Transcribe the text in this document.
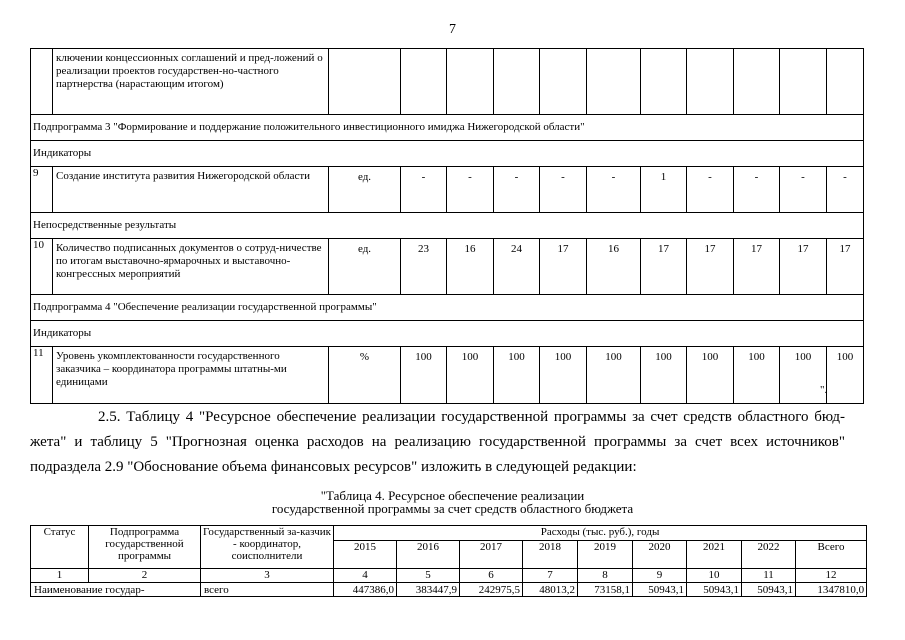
7
	ключении концессионных соглашений и пред-ложений о реализации проектов государствен-но-частного партнерства (нарастающим итогом)											
Подпрограмма 3 "Формирование и поддержание положительного инвестиционного имиджа Нижегородской области"												
Индикаторы												
9	Создание института развития Нижегородской области	ед.	-	-	-	-	-	1	-	-	-	-
Непосредственные результаты												
10	Количество подписанных документов о сотруд-ничестве по итогам выставочно-ярмарочных и выставочно-конгрессных мероприятий	ед.	23	16	24	17	16	17	17	17	17	17
Подпрограмма 4 "Обеспечение реализации государственной программы"												
Индикаторы												
11	Уровень укомплектованности государственного заказчика – координатора программы штатны-ми единицами	%	100	100	100	100	100	100	100	100	100	100
".
2.5. Таблицу 4 "Ресурсное обеспечение реализации государственной программы за счет средств областного бюд-
жета" и таблицу 5 "Прогнозная оценка расходов на реализацию государственной программы за счет всех источников"
подраздела 2.9 "Обоснование объема финансовых ресурсов" изложить в следующей редакции:
"Таблица 4. Ресурсное обеспечение реализации
государственной программы за счет средств областного бюджета
Статус	Подпрограмма государственной программы	Государственный за-казчик - координатор, соисполнители	Расходы (тыс. руб.), годы								
			2015	2016	2017	2018	2019	2020	2021	2022	Всего
1	2	3	4	5	6	7	8	9	10	11	12
Наименование государ-		всего	447386,0	383447,9	242975,5	48013,2	73158,1	50943,1	50943,1	50943,1	1347810,0
